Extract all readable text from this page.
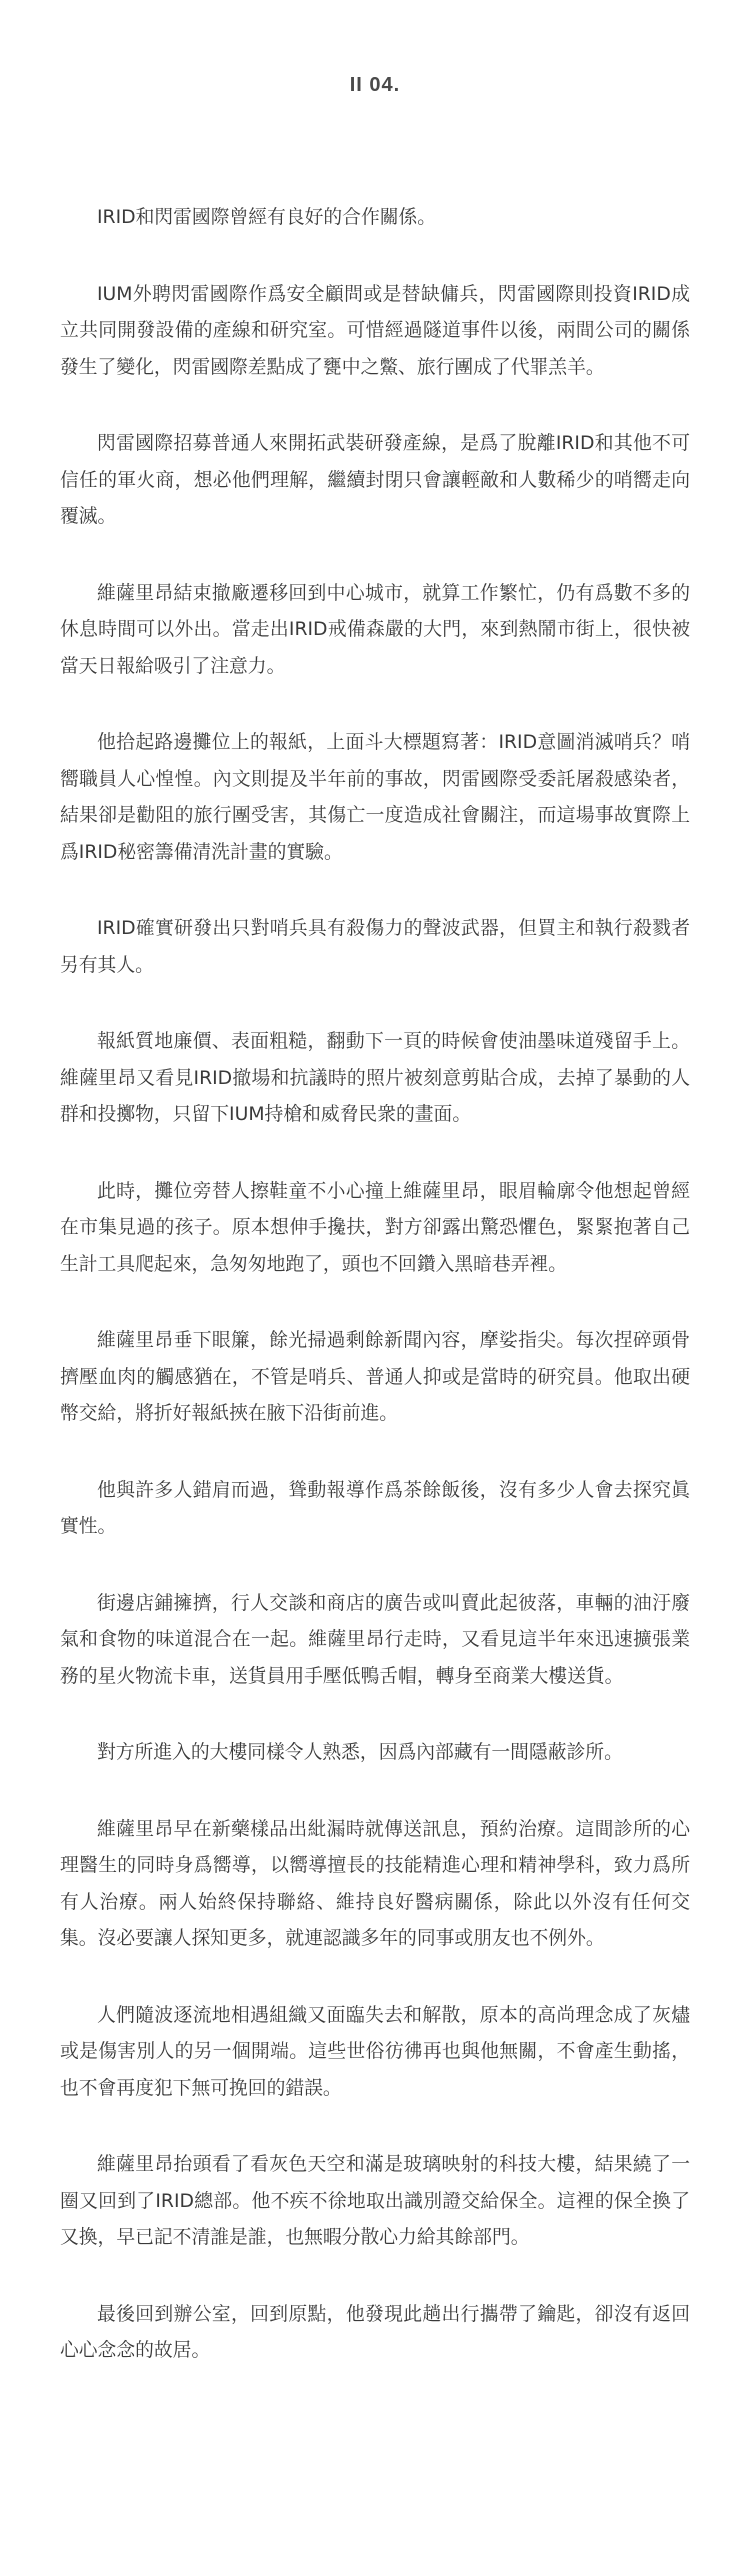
II 04.

IRID和閃雷國際曾經有良好的合作關係。

IUM外聘閃雷國際作爲安全顧問或是替缺傭兵，閃雷國際則投資IRID成立共同開發設備的產線和研究室。可惜經過隧道事件以後，兩間公司的關係發生了變化，閃雷國際差點成了甕中之鱉、旅行團成了代罪羔羊。

閃雷國際招募普通人來開拓武裝研發產線，是爲了脫離IRID和其他不可信任的軍火商，想必他們理解，繼續封閉只會讓輕敵和人數稀少的哨嚮走向覆滅。

維薩里昂結束撤廠遷移回到中心城市，就算工作繁忙，仍有爲數不多的休息時間可以外出。當走出IRID戒備森嚴的大門，來到熱鬧市街上，很快被當天日報給吸引了注意力。

他拾起路邊攤位上的報紙，上面斗大標題寫著：IRID意圖消滅哨兵？哨嚮職員人心惶惶。內文則提及半年前的事故，閃雷國際受委託屠殺感染者，結果卻是勸阻的旅行團受害，其傷亡一度造成社會關注，而這場事故實際上爲IRID秘密籌備清洗計畫的實驗。

IRID確實研發出只對哨兵具有殺傷力的聲波武器，但買主和執行殺戮者另有其人。

報紙質地廉價、表面粗糙，翻動下一頁的時候會使油墨味道殘留手上。維薩里昂又看見IRID撤場和抗議時的照片被刻意剪貼合成，去掉了暴動的人群和投擲物，只留下IUM持槍和威脅民衆的畫面。

此時，攤位旁替人擦鞋童不小心撞上維薩里昂，眼眉輪廓令他想起曾經在市集見過的孩子。原本想伸手攙扶，對方卻露出驚恐懼色，緊緊抱著自己生計工具爬起來，急匆匆地跑了，頭也不回鑽入黑暗巷弄裡。

維薩里昂垂下眼簾，餘光掃過剩餘新聞內容，摩娑指尖。每次捏碎頭骨擠壓血肉的觸感猶在，不管是哨兵、普通人抑或是當時的研究員。他取出硬幣交給，將折好報紙挾在腋下沿街前進。

他與許多人錯肩而過，聳動報導作爲茶餘飯後，沒有多少人會去探究眞實性。

街邊店鋪擁擠，行人交談和商店的廣告或叫賣此起彼落，車輛的油汙廢氣和食物的味道混合在一起。維薩里昂行走時，又看見這半年來迅速擴張業務的星火物流卡車，送貨員用手壓低鴨舌帽，轉身至商業大樓送貨。

對方所進入的大樓同樣令人熟悉，因爲內部藏有一間隱蔽診所。

維薩里昂早在新藥樣品出紕漏時就傳送訊息，預約治療。這間診所的心理醫生的同時身爲嚮導，以嚮導擅長的技能精進心理和精神學科，致力爲所有人治療。兩人始終保持聯絡、維持良好醫病關係，除此以外沒有任何交集。沒必要讓人探知更多，就連認識多年的同事或朋友也不例外。

人們隨波逐流地相遇組織又面臨失去和解散，原本的高尚理念成了灰燼或是傷害別人的另一個開端。這些世俗彷彿再也與他無關，不會產生動搖，也不會再度犯下無可挽回的錯誤。

維薩里昂抬頭看了看灰色天空和滿是玻璃映射的科技大樓，結果繞了一圈又回到了IRID總部。他不疾不徐地取出識別證交給保全。這裡的保全換了又換，早已記不清誰是誰，也無暇分散心力給其餘部門。

最後回到辦公室，回到原點，他發現此趟出行攜帶了鑰匙，卻沒有返回心心念念的故居。
